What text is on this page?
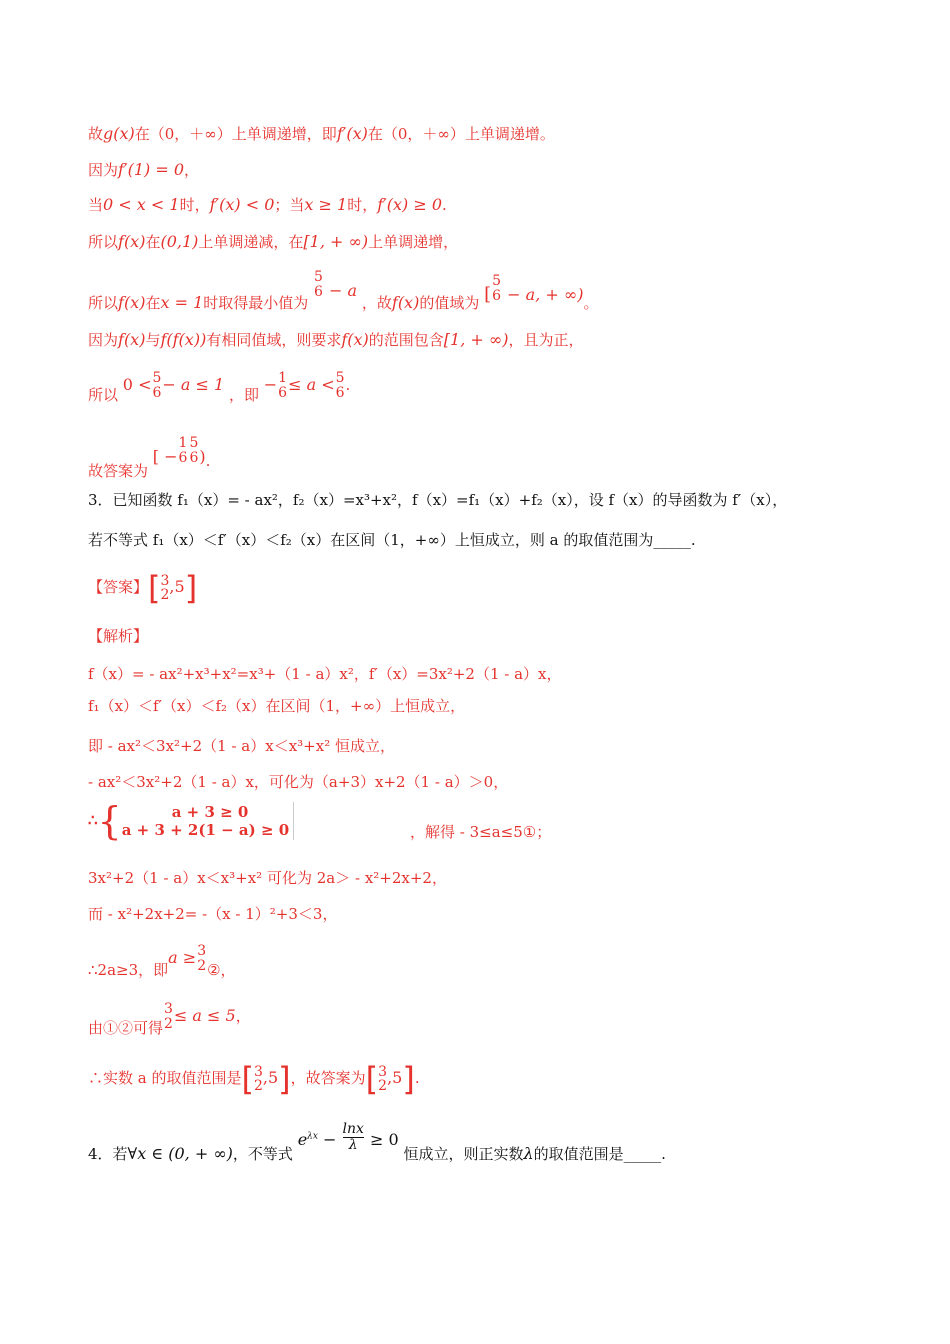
故g(x)在（0，＋∞）上单调递增，即f′(x)在（0，＋∞）上单调递增。
因为f′(1) = 0，
当0 < x < 1时，f′(x) < 0；当x ≥ 1时，f′(x) ≥ 0.
所以f(x)在(0,1)上单调递减，在[1, + ∞)上单调递增，
所以f(x)在x = 1时取得最小值为
5
6 − a ，故f(x)的值域为 [
5
6 − a, + ∞)。
因为f(x)与f(f(x))有相同值域，则要求f(x)的范围包含[1, + ∞)，且为正，
所以 0 < 5
6 − a ≤ 1 ，即 − 1
6 ≤ a < 5
6 .
故答案为 [ −
1
6
5
6 ).
3．已知函数 f₁（x）= - ax²，f₂（x）=x³+x²，f（x）=f₁（x）+f₂（x），设 f（x）的导函数为 f′（x），
若不等式 f₁（x）＜f′（x）＜f₂（x）在区间（1，+∞）上恒成立，则 a 的取值范围为_____.
【答案】[ 3
2 ,5]
【解析】
f（x）= - ax²+x³+x²=x³+（1 - a）x²，f′（x）=3x²+2（1 - a）x，
f₁（x）＜f′（x）＜f₂（x）在区间（1，+∞）上恒成立，
即 - ax²＜3x²+2（1 - a）x＜x³+x² 恒成立，
- ax²＜3x²+2（1 - a）x，可化为（a+3）x+2（1 - a）＞0，
∴{	a + 3 ≥ 0
a + 3 + 2(1 − a) ≥ 0	，解得 - 3≤a≤5①；
3x²+2（1 - a）x＜x³+x² 可化为 2a＞ - x²+2x+2，
而 - x²+2x+2= -（x - 1）²+3＜3，
∴2a≥3，即a ≥ 3
2 ②，
由①②可得
3
2 ≤ a ≤ 5，
∴实数 a 的取值范围是[ 3
2 ,5]，故答案为[ 3
2 ,5].
4．若∀x ∈ (0, + ∞)，不等式 $e^{\lambda x} - \frac{\ln x}{\lambda} \ge 0$ 恒成立，则正实数λ的取值范围是_____.
